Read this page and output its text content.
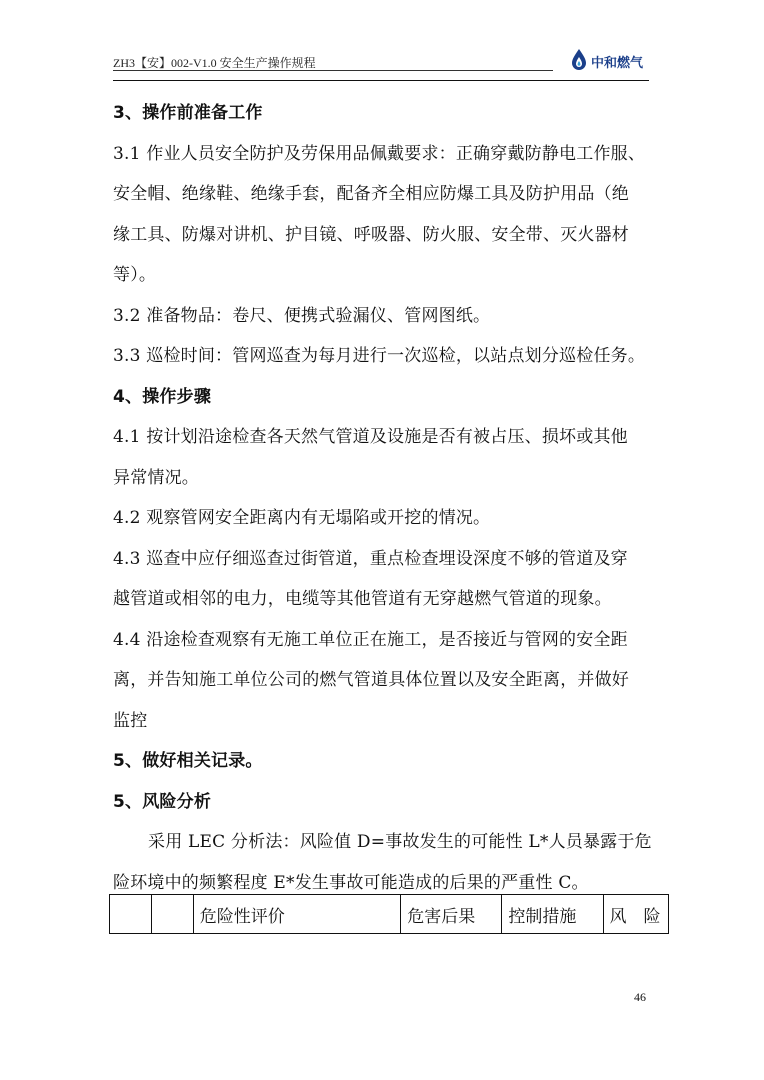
ZH3【安】002-V1.0 安全生产操作规程	中和燃气
3、操作前准备工作
3.1 作业人员安全防护及劳保用品佩戴要求：正确穿戴防静电工作服、
安全帽、绝缘鞋、绝缘手套，配备齐全相应防爆工具及防护用品（绝
缘工具、防爆对讲机、护目镜、呼吸器、防火服、安全带、灭火器材
等）。
3.2 准备物品：卷尺、便携式验漏仪、管网图纸。
3.3 巡检时间：管网巡查为每月进行一次巡检，以站点划分巡检任务。
4、操作步骤
4.1 按计划沿途检查各天然气管道及设施是否有被占压、损坏或其他
异常情况。
4.2 观察管网安全距离内有无塌陷或开挖的情况。
4.3 巡查中应仔细巡查过街管道，重点检查埋设深度不够的管道及穿
越管道或相邻的电力，电缆等其他管道有无穿越燃气管道的现象。
4.4 沿途检查观察有无施工单位正在施工，是否接近与管网的安全距
离，并告知施工单位公司的燃气管道具体位置以及安全距离，并做好
监控
5、做好相关记录。
5、风险分析
采用 LEC 分析法：风险值 D=事故发生的可能性 L*人员暴露于危
险环境中的频繁程度 E*发生事故可能造成的后果的严重性 C。
		危险性评价	危害后果	控制措施	风　险
46
